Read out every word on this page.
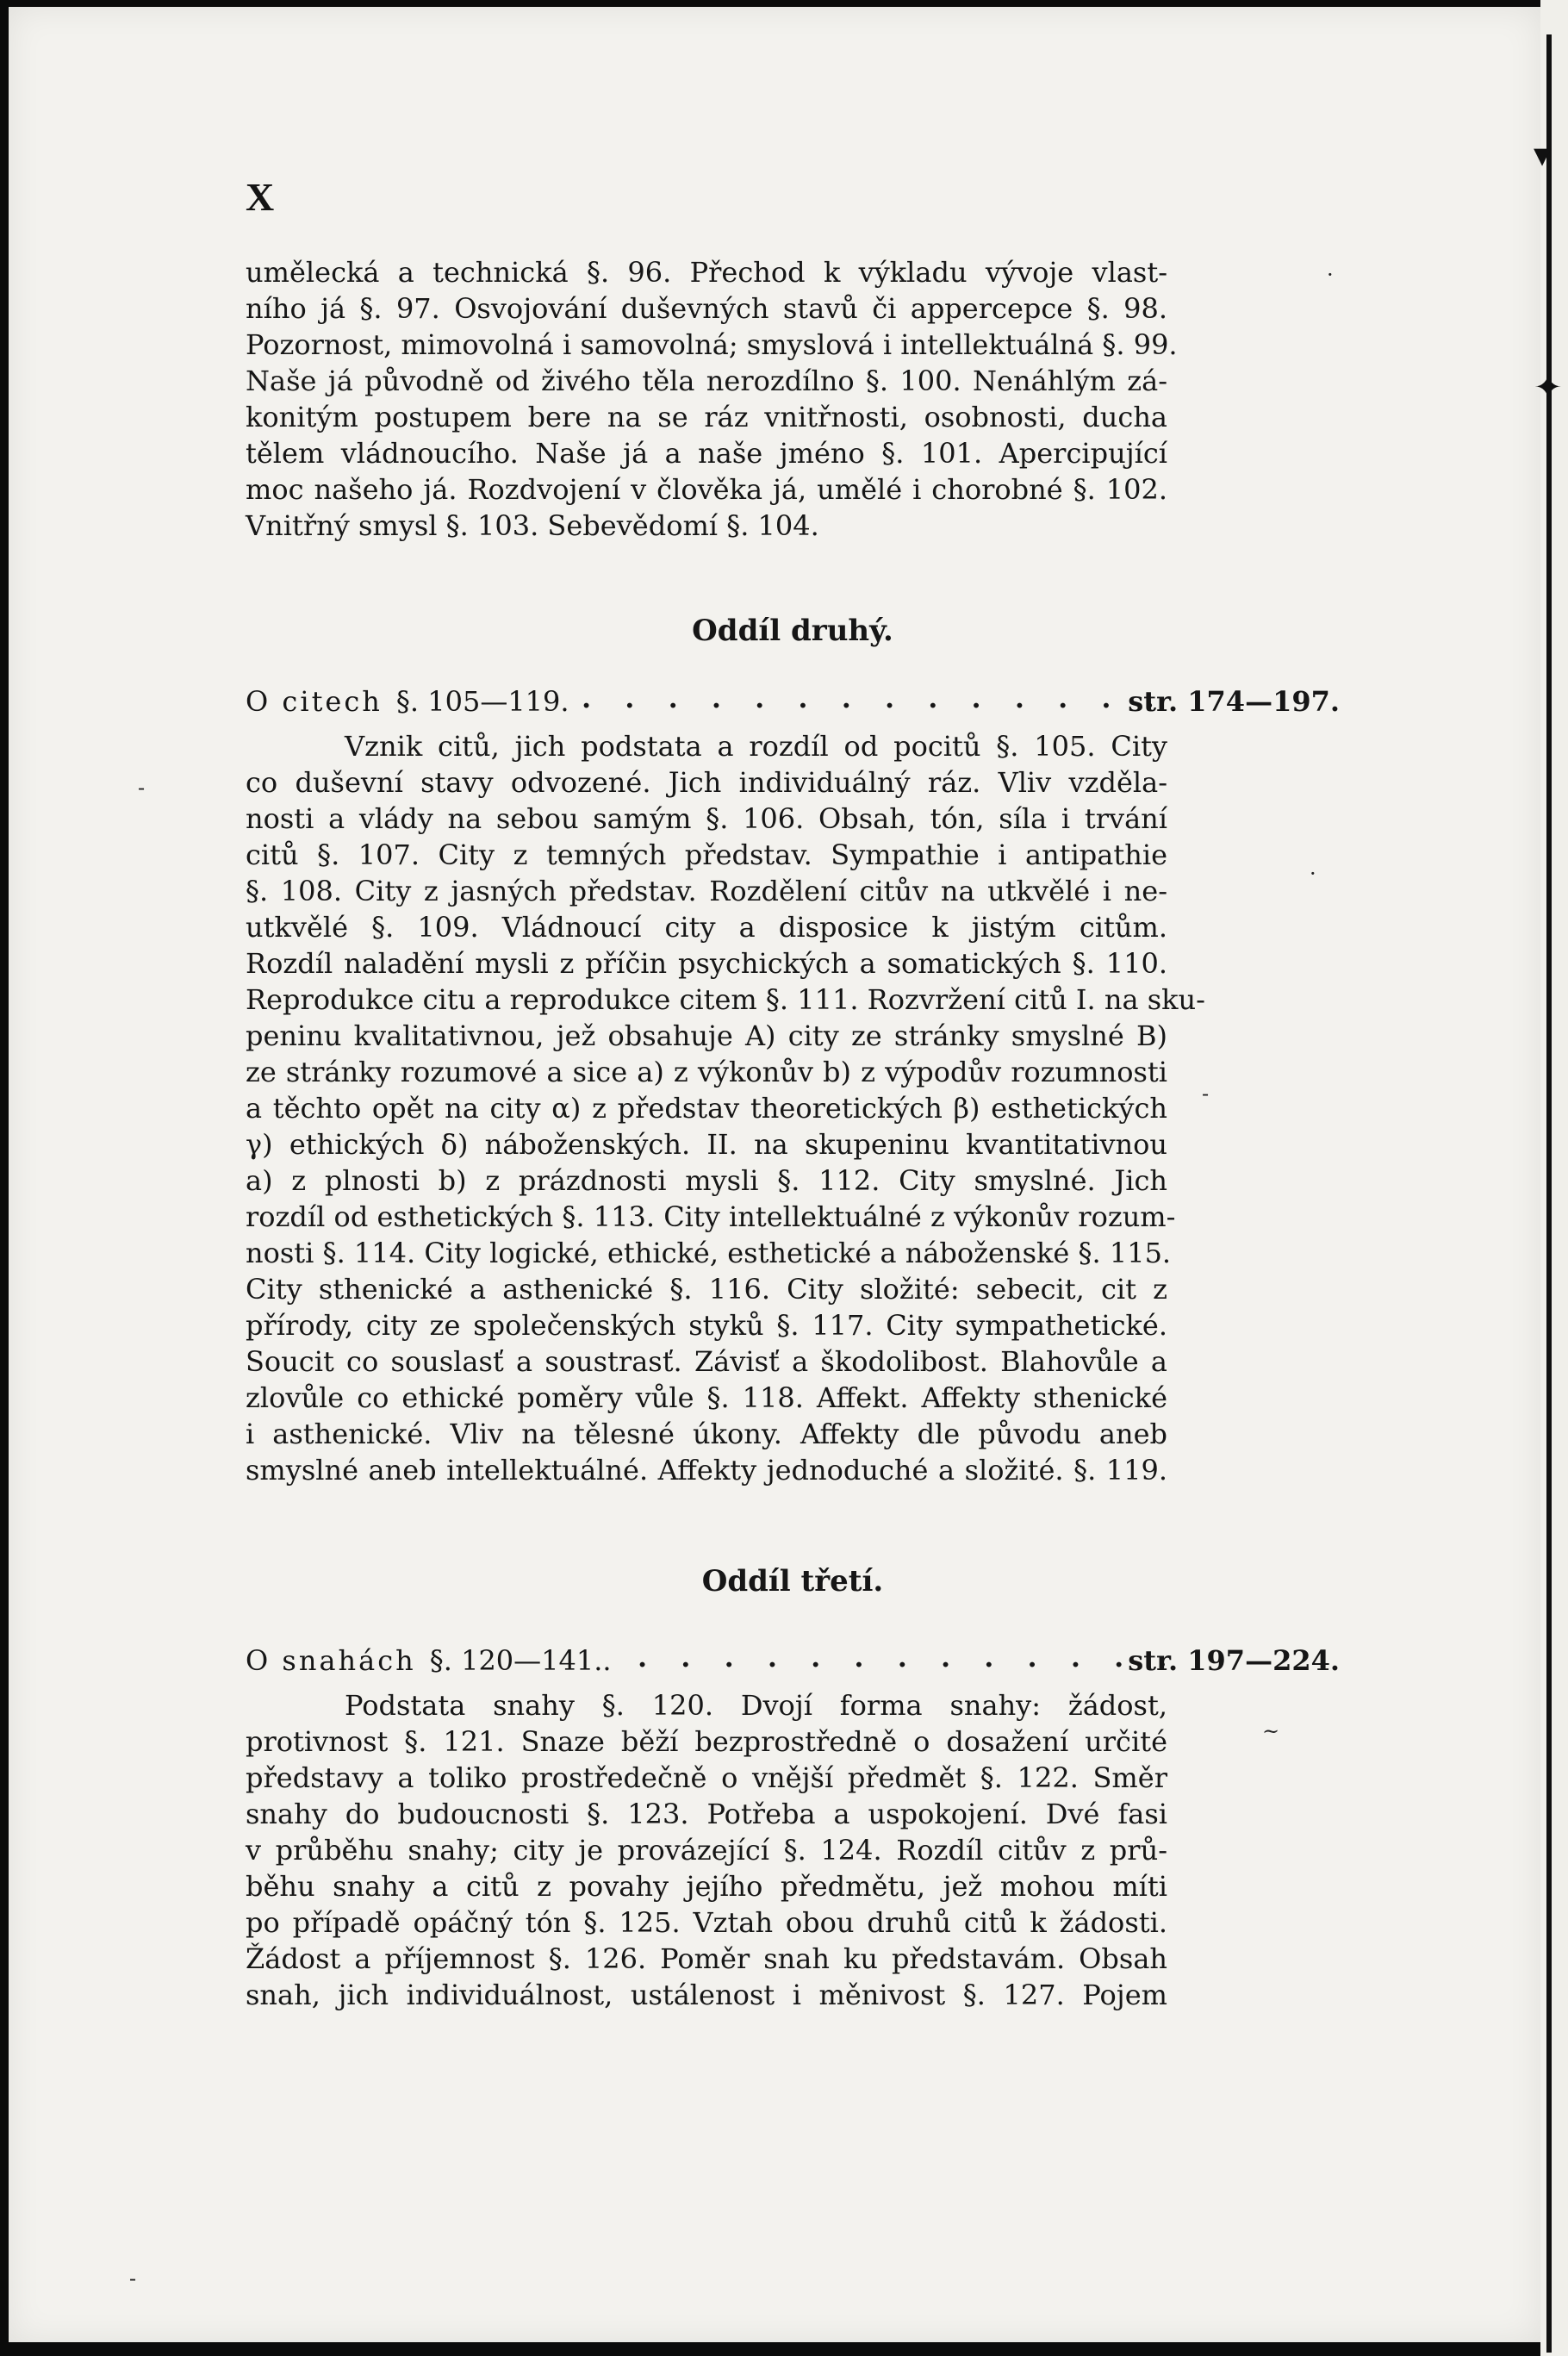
▾
✦
X
umělecká a technická §. 96. Přechod k výkladu vývoje vlast-
ního já §. 97. Osvojování duševných stavů či appercepce §. 98.
Pozornost, mimovolná i samovolná; smyslová i intellektuálná §. 99.
Naše já původně od živého těla nerozdílno §. 100. Nenáhlým zá-
konitým postupem bere na se ráz vnitřnosti, osobnosti, ducha
tělem vládnoucího. Naše já a naše jméno §. 101. Apercipující
moc našeho já. Rozdvojení v člověka já, umělé i chorobné §. 102.
Vnitřný smysl §. 103. Sebevědomí §. 104.
Oddíl druhý.
O citech §. 105—119. . . . . . . . . . . . . . .
str. 174—197.
Vznik citů, jich podstata a rozdíl od pocitů §. 105. City
co duševní stavy odvozené. Jich individuálný ráz. Vliv vzděla-
nosti a vlády na sebou samým §. 106. Obsah, tón, síla i trvání
citů §. 107. City z temných představ. Sympathie i antipathie
§. 108. City z jasných představ. Rozdělení citův na utkvělé i ne-
utkvělé §. 109. Vládnoucí city a disposice k jistým citům.
Rozdíl naladění mysli z příčin psychických a somatických §. 110.
Reprodukce citu a reprodukce citem §. 111. Rozvržení citů I. na sku-
peninu kvalitativnou, jež obsahuje A) city ze stránky smyslné B)
ze stránky rozumové a sice a) z výkonův b) z výpodův rozumnosti
a těchto opět na city α) z představ theoretických β) esthetických
γ) ethických δ) náboženských. II. na skupeninu kvantitativnou
a) z plnosti b) z prázdnosti mysli §. 112. City smyslné. Jich
rozdíl od esthetických §. 113. City intellektuálné z výkonův rozum-
nosti §. 114. City logické, ethické, esthetické a náboženské §. 115.
City sthenické a asthenické §. 116. City složité: sebecit, cit z
přírody, city ze společenských styků §. 117. City sympathetické.
Soucit co souslasť a soustrasť. Závisť a škodolibost. Blahovůle a
zlovůle co ethické poměry vůle §. 118. Affekt. Affekty sthenické
i asthenické. Vliv na tělesné úkony. Affekty dle původu aneb
smyslné aneb intellektuálné. Affekty jednoduché a složité. §. 119.
Oddíl třetí.
O snahách §. 120—141.. . . . . . . . . . . . . .
str. 197—224.
Podstata snahy §. 120. Dvojí forma snahy: žádost,
protivnost §. 121. Snaze běží bezprostředně o dosažení určité
představy a toliko prostředečně o vnější předmět §. 122. Směr
snahy do budoucnosti §. 123. Potřeba a uspokojení. Dvé fasi
v průběhu snahy; city je provázející §. 124. Rozdíl citův z prů-
běhu snahy a citů z povahy jejího předmětu, jež mohou míti
po případě opáčný tón §. 125. Vztah obou druhů citů k žádosti.
Žádost a příjemnost §. 126. Poměr snah ku představám. Obsah
snah, jich individuálnost, ustálenost i měnivost §. 127. Pojem
·
-
·
-
~
-
